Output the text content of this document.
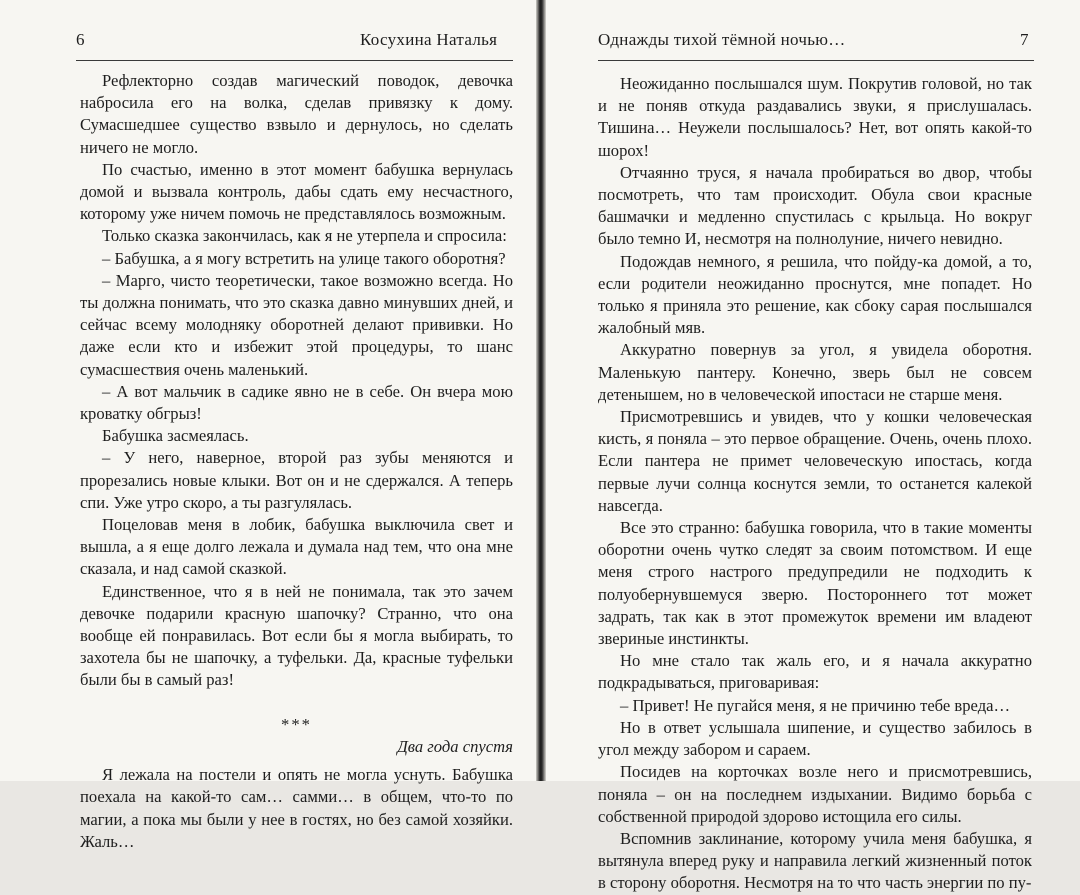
6	Косухина Наталья

Рефлекторно создав магический поводок, девочка набросила его на волка, сделав привязку к дому. Сумасшедшее существо взвыло и дернулось, но сделать ничего не могло.

По счастью, именно в этот момент бабушка вернулась домой и вызвала контроль, дабы сдать ему несчастного, которому уже ничем помочь не представлялось возможным.

Только сказка закончилась, как я не утерпела и спросила:

– Бабушка, а я могу встретить на улице такого оборотня?

– Марго, чисто теоретически, такое возможно всегда. Но ты должна понимать, что это сказка давно минувших дней, и сейчас всему молодняку оборотней делают прививки. Но даже если кто и избежит этой процедуры, то шанс сумасшествия очень маленький.

– А вот мальчик в садике явно не в себе. Он вчера мою кроватку обгрыз!

Бабушка засмеялась.

– У него, наверное, второй раз зубы меняются и прорезались новые клыки. Вот он и не сдержался. А теперь спи. Уже утро скоро, а ты разгулялась.

Поцеловав меня в лобик, бабушка выключила свет и вышла, а я еще долго лежала и думала над тем, что она мне сказала, и над самой сказкой.

Единственное, что я в ней не понимала, так это зачем девочке подарили красную шапочку? Странно, что она вообще ей понравилась. Вот если бы я могла выбирать, то захотела бы не шапочку, а туфельки. Да, красные туфельки были бы в самый раз!

***

Два года спустя

Я лежала на постели и опять не могла уснуть. Бабушка поехала на какой-то сам… самми… в общем, что-то по магии, а пока мы были у нее в гостях, но без самой хозяйки. Жаль…

Однажды тихой тёмной ночью…	7

Неожиданно послышался шум. Покрутив головой, но так и не поняв откуда раздавались звуки, я прислушалась. Тишина… Неужели послышалось? Нет, вот опять какой-то шорох!

Отчаянно труся, я начала пробираться во двор, чтобы посмотреть, что там происходит. Обула свои красные башмачки и медленно спустилась с крыльца. Но вокруг было темно И, несмотря на полнолуние, ничего невидно.

Подождав немного, я решила, что пойду-ка домой, а то, если родители неожиданно проснутся, мне попадет. Но только я приняла это решение, как сбоку сарая послышался жалобный мяв.

Аккуратно повернув за угол, я увидела оборотня. Маленькую пантеру. Конечно, зверь был не совсем детенышем, но в человеческой ипостаси не старше меня.

Присмотревшись и увидев, что у кошки человеческая кисть, я поняла – это первое обращение. Очень, очень плохо. Если пантера не примет человеческую ипостась, когда первые лучи солнца коснутся земли, то останется калекой навсегда.

Все это странно: бабушка говорила, что в такие моменты оборотни очень чутко следят за своим потомством. И еще меня строго настрого предупредили не подходить к полуобернувшемуся зверю. Постороннего тот может задрать, так как в этот промежуток времени им владеют звериные инстинкты.

Но мне стало так жаль его, и я начала аккуратно подкрадываться, приговаривая:

– Привет! Не пугайся меня, я не причиню тебе вреда…

Но в ответ услышала шипение, и существо забилось в угол между забором и сараем.

Посидев на корточках возле него и присмотревшись, поняла – он на последнем издыхании. Видимо борьба с собственной природой здорово истощила его силы.

Вспомнив заклинание, которому учила меня бабушка, я вытянула вперед руку и направила легкий жизненный поток в сторону оборотня. Несмотря на то что часть энергии по пу-
